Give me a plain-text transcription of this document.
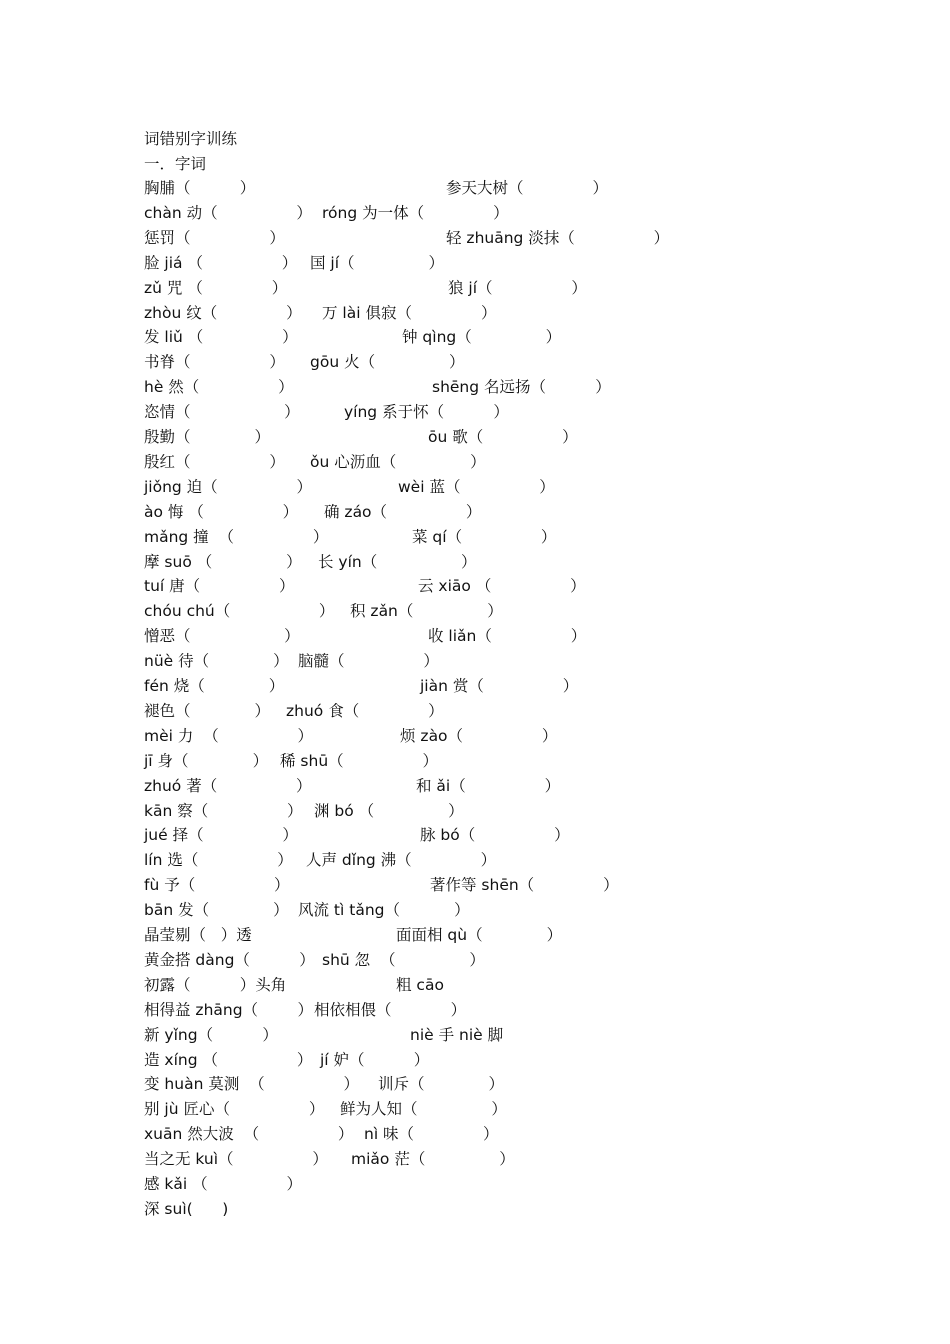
词错别字训练
一．字词
胸脯（          ）	参天大树（              ）
chàn 动（                ） róng 为一体（              ）
惩罚（                ）	轻 zhuāng 淡抹（                ）
脸 jiá （                ） 国 jí（               ）
zǔ 咒 （              ）	狼 jí（                ）
zhòu 纹（              ） 万 lài 俱寂（              ）
发 liǔ （                ）	钟 qìng（               ）
书脊（                ） gōu 火（               ）
hè 然（                ）	shēng 名远扬（          ）
恣情（                   ）	yíng 系于怀（          ）
殷勤（             ）	ōu 歌（                ）
殷红（                ） ǒu 心沥血（               ）
jiǒng 迫（                ）	wèi 蓝（                ）
ào 悔 （                ） 确 záo（                ）
mǎng 撞  （                ）	菜 qí（                ）
摩 suō （               ） 长 yín（                 ）
tuí 唐（                ）	云 xiāo （                ）
chóu chú（                  ） 积 zǎn（               ）
憎恶（                   ）	收 liǎn（                ）
nüè 待（             ） 脑髓（                ）
fén 烧（             ）	jiàn 赏（                ）
褪色（             ） zhuó 食（              ）
mèi 力  （                ）	烦 zào（                ）
jī 身（             ） 稀 shū（                ）
zhuó 著（                ）	和 ǎi（                ）
kān 察（                ） 渊 bó （               ）
jué 择（                ）	脉 bó（                ）
lín 选（                ） 人声 dǐng 沸（              ）
fù 予（                ）	著作等 shēn（              ）
bān 发（             ） 风流 tì tǎng（           ）
晶莹剔（   ）透	面面相 qù（             ）
黄金搭 dàng（          ） shū 忽  （               ）
初露（          ）头角	粗 cāo
相得益 zhāng（        ） 相依相偎（            ）
新 yǐng（          ）	niè 手 niè 脚
造 xíng （                ） jí 妒（          ）
变 huàn 莫测  （                ） 训斥（             ）
别 jù 匠心（                ） 鲜为人知（               ）
xuān 然大波  （                ） nì 味（              ）
当之无 kuì（                ） miǎo 茫（               ）
感 kǎi （                ）
深 suì(      )
